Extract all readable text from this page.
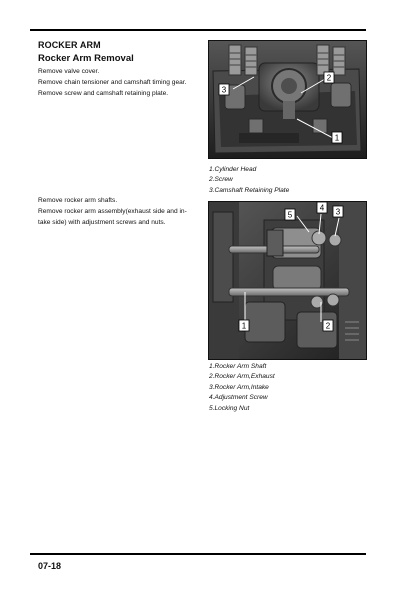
ROCKER ARM
Rocker Arm Removal
Remove valve cover.
Remove chain tensioner and camshaft timing gear.
Remove screw and camshaft retaining plate.
1
2
3
1.Cylinder Head
2.Screw
3.Camshaft Retaining Plate
Remove rocker arm shafts.
Remove rocker arm assembly(exhaust side and in-
take side) with adjustment screws and nuts.
1	2
3
4
5
1.Rocker Arm Shaft
2.Rocker Arm,Exhaust
3.Rocker Arm,Intake
4.Adjustment Screw
5.Locking Nut
07-18
